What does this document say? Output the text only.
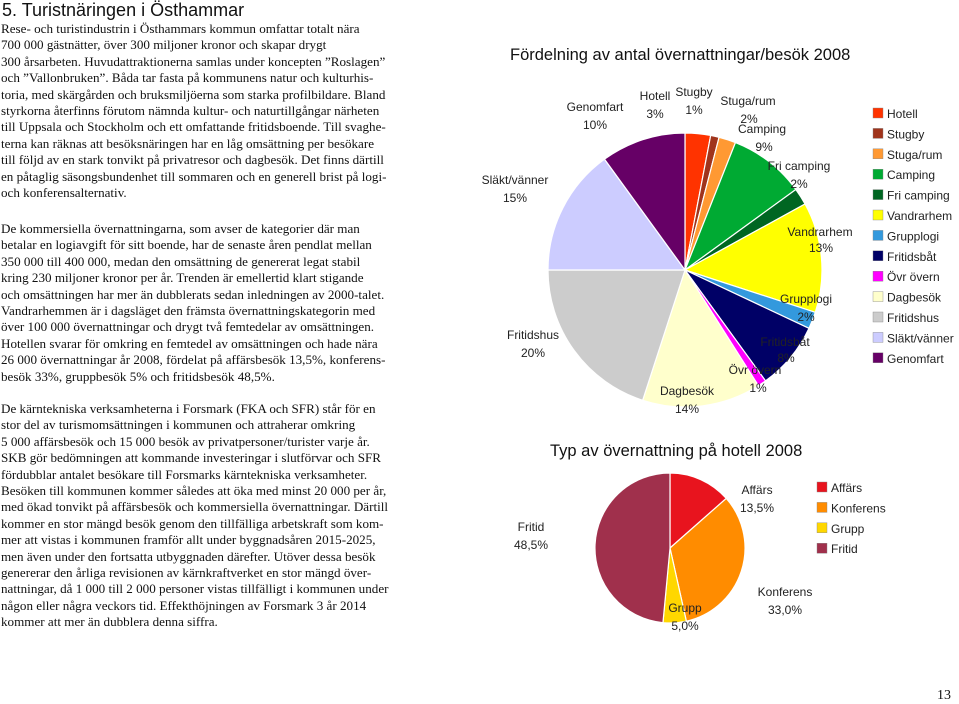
5. Turistnäringen i Östhammar
Rese- och turistindustrin i Östhammars kommun omfattar totalt nära
700 000 gästnätter, över 300 miljoner kronor och skapar drygt
300 årsarbeten. Huvudattraktionerna samlas under koncepten ”Roslagen”
och ”Vallonbruken”. Båda tar fasta på kommunens natur och kulturhis-
toria, med skärgården och bruksmiljöerna som starka profilbildare. Bland
styrkorna återfinns förutom nämnda kultur- och naturtillgångar närheten
till Uppsala och Stockholm och ett omfattande fritidsboende. Till svaghe-
terna kan räknas att besöksnäringen har en låg omsättning per besökare
till följd av en stark tonvikt på privatresor och dagbesök. Det finns därtill
en påtaglig säsongsbundenhet till sommaren och en generell brist på logi-
och konferensalternativ.
De kommersiella övernattningarna, som avser de kategorier där man
betalar en logiavgift för sitt boende, har de senaste åren pendlat mellan
350 000 till 400 000, medan den omsättning de genererat legat stabil
kring 230 miljoner kronor per år. Trenden är emellertid klart stigande
och omsättningen har mer än dubblerats sedan inledningen av 2000-talet.
Vandrarhemmen är i dagsläget den främsta övernattningskategorin med
över 100 000 övernattningar och drygt två femtedelar av omsättningen.
Hotellen svarar för omkring en femtedel av omsättningen och hade nära
26 000 övernattningar år 2008, fördelat på affärsbesök 13,5%, konferens-
besök 33%, gruppbesök 5% och fritidsbesök 48,5%.
De kärntekniska verksamheterna i Forsmark (FKA och SFR) står för en
stor del av turismomsättningen i kommunen och attraherar omkring
5 000 affärsbesök och 15 000 besök av privatpersoner/turister varje år.
SKB gör bedömningen att kommande investeringar i slutförvar och SFR
fördubblar antalet besökare till Forsmarks kärntekniska verksamheter.
Besöken till kommunen kommer således att öka med minst 20 000 per år,
med ökad tonvikt på affärsbesök och kommersiella övernattningar. Därtill
kommer en stor mängd besök genom den tillfälliga arbetskraft som kom-
mer att vistas i kommunen framför allt under byggnadsåren 2015-2025,
men även under den fortsatta utbyggnaden därefter. Utöver dessa besök
genererar den årliga revisionen av kärnkraftverket en stor mängd över-
nattningar, då 1 000 till 2 000 personer vistas tillfälligt i kommunen under
någon eller några veckors tid. Effekthöjningen av Forsmark 3 år 2014
kommer att mer än dubblera denna siffra.
Fördelning av antal övernattningar/besök 2008
Typ av övernattning på hotell 2008
Hotell
3%
Stugby
1%
Stuga/rum
2%
Camping
9%
Fri camping
2%
Vandrarhem
13%
Grupplogi
2%
Fritidsbåt
8%
Övr övern
1%
Dagbesök
14%
Fritidshus
20%
Släkt/vänner
15%
Genomfart
10%
Hotell
Stugby
Stuga/rum
Camping
Fri camping
Vandrarhem
Grupplogi
Fritidsbåt
Övr övern
Dagbesök
Fritidshus
Släkt/vänner
Genomfart
Affärs
13,5%
Konferens
33,0%
Grupp
5,0%
Fritid
48,5%
Affärs
Konferens
Grupp
Fritid
13
